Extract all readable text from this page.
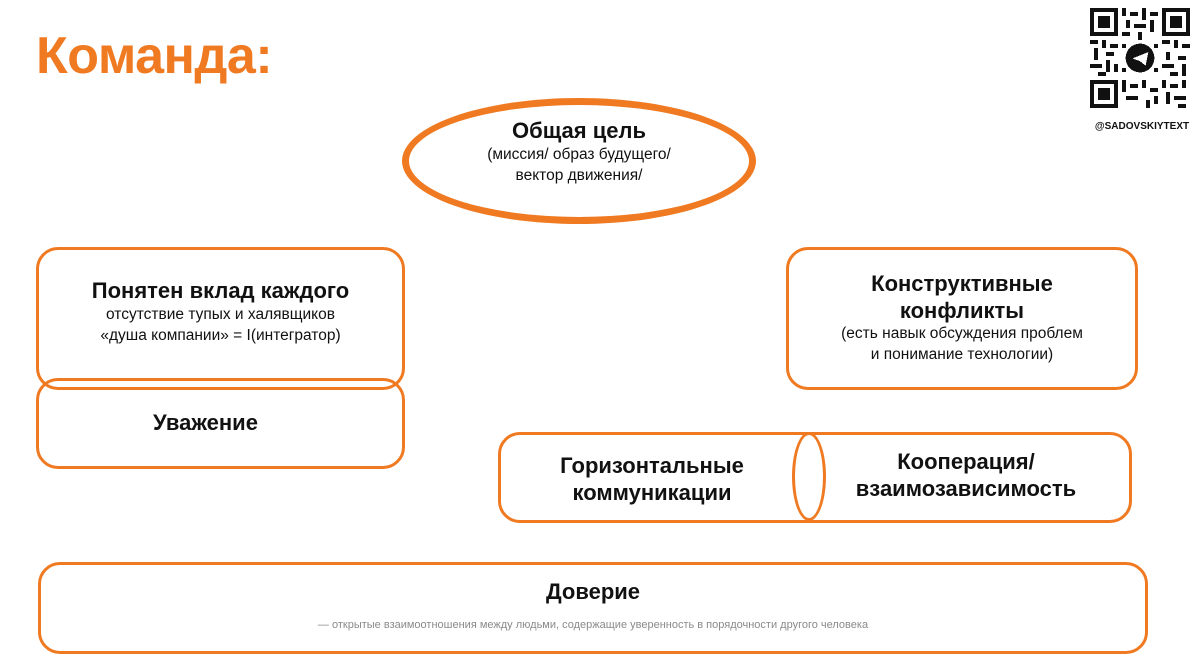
Команда:
@SADOVSKIYTEXT
Общая цель
(миссия/ образ будущего/
вектор движения/
Понятен вклад каждого
отсутствие тупых и халявщиков
«душа компании» = I(интегратор)
Уважение
Конструктивные
конфликты
(есть навык обсуждения проблем
и понимание технологии)
Горизонтальные
коммуникации
Кооперация/
взаимозависимость
Доверие
— открытые взаимоотношения между людьми, содержащие уверенность в порядочности другого человека
